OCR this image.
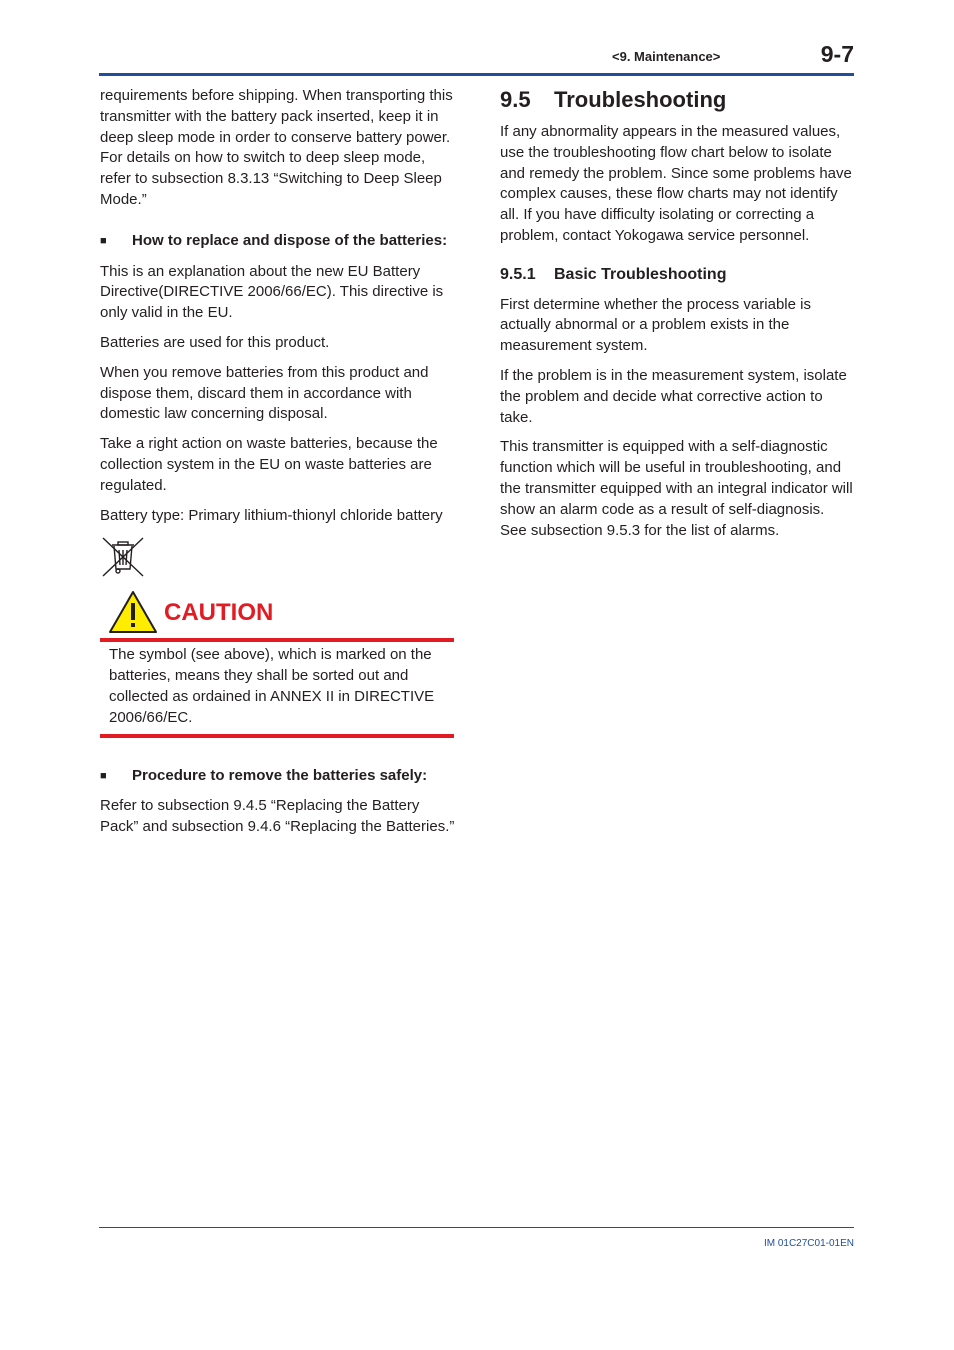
<9. Maintenance>	9-7

requirements before shipping. When transporting this transmitter with the battery pack inserted, keep it in deep sleep mode in order to conserve battery power. For details on how to switch to deep sleep mode, refer to subsection 8.3.13 “Switching to Deep Sleep Mode.”

■ How to replace and dispose of the batteries:

This is an explanation about the new EU Battery Directive(DIRECTIVE 2006/66/EC). This directive is only valid in the EU.

Batteries are used for this product.

When you remove batteries from this product and dispose them, discard them in accordance with domestic law concerning disposal.

Take a right action on waste batteries, because the collection system in the EU on waste batteries are regulated.

Battery type: Primary lithium-thionyl chloride battery

CAUTION

The symbol (see above), which is marked on the batteries, means they shall be sorted out and collected as ordained in ANNEX II in DIRECTIVE 2006/66/EC.

■ Procedure to remove the batteries safely:

Refer to subsection 9.4.5 “Replacing the Battery Pack” and subsection 9.4.6 “Replacing the Batteries.”

9.5 Troubleshooting

If any abnormality appears in the measured values, use the troubleshooting flow chart below to isolate and remedy the problem. Since some problems have complex causes, these flow charts may not identify all. If you have difficulty isolating or correcting a problem, contact Yokogawa service personnel.

9.5.1 Basic Troubleshooting

First determine whether the process variable is actually abnormal or a problem exists in the measurement system.

If the problem is in the measurement system, isolate the problem and decide what corrective action to take.

This transmitter is equipped with a self-diagnostic function which will be useful in troubleshooting, and the transmitter equipped with an integral indicator will show an alarm code as a result of self-diagnosis.

See subsection 9.5.3 for the list of alarms.

IM 01C27C01-01EN
